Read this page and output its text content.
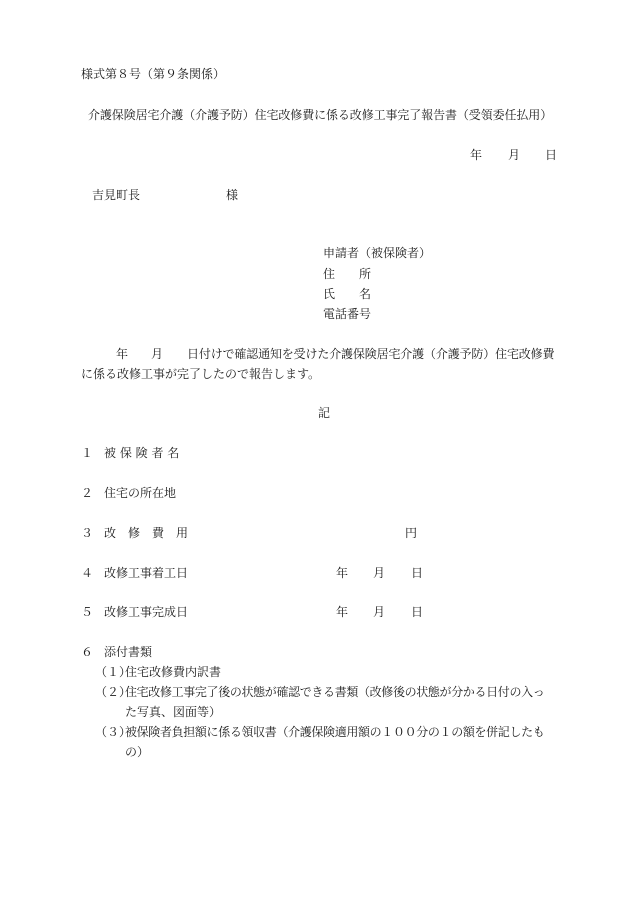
様式第８号（第９条関係）
介護保険居宅介護（介護予防）住宅改修費に係る改修工事完了報告書（受領委任払用）
年 月 日
吉見町長	様
申請者（被保険者）
住　　所
氏　　名
電話番号
年 月 日付けで確認通知を受けた介護保険居宅介護（介護予防）住宅改修費
に係る改修工事が完了したので報告します。
記
１ 被 保 険 者 名
２ 住宅の所在地
３ 改　修　費　用	円
４ 改修工事着工日	年 月 日
５ 改修工事完成日	年 月 日
６ 添付書類
（１）
住宅改修費内訳書
（２）
住宅改修工事完了後の状態が確認できる書類（改修後の状態が分かる日付の入っ
た写真、図面等）
（３）
被保険者負担額に係る領収書（介護保険適用額の１００分の１の額を併記したも
の）
